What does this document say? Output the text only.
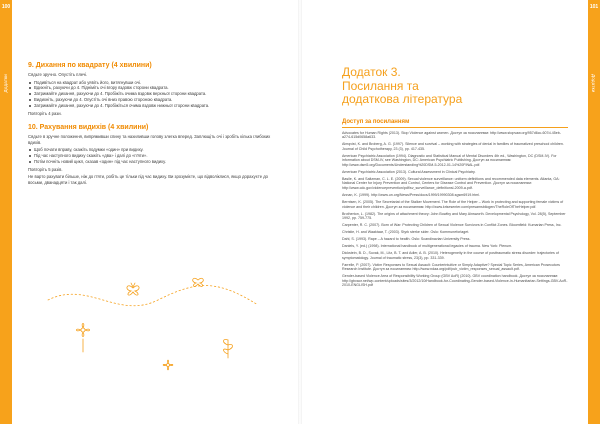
100
Додатки
101
Додатки
9. Дихання по квадрату (4 хвилини)

Сядьте зручно. Опустіть плечі.

Подивіться на квадрат або уявіть його, витягнувши очі.
Вдихніть, рахуючи до 4. Підніміть очі вгору вздовж сторони квадрата.
Затримайте дихання, рахуючи до 4. Пробіжіть очима вздовж верхньої сторони квадрата.
Видихніть, рахуючи до 4. Опустіть очі вниз правою стороною квадрата.
Затримайте дихання, рахуючи до 4. Пробіжіться очима вздовж нижньої сторони квадрата.

Повторіть 4 рази.

10. Рахування видихів (4 хвилини)

Сядьте в зручне положення, випрямивши спину та нахиливши голову злегка вперед. Заплющіть очі і зробіть кілька глибоких вдихів.

Щоб почати вправу, скажіть подумки «один» при видиху.
Під час наступного видиху скажіть «два» і далі до «п'яти».
Потім почніть новий цикл, сказав «один» під час наступного видиху.

Повторіть 5 разів.

Не варто рахувати більше, ніж до п'яти, робіть це тільки під час видиху. Ви зрозумієте, що відволіклися, якщо дорахуєте до восьми, дванадцяти і так далі.

Додаток 3.
Посилання та
додаткова література
Доступ за посиланням

Advocates for Human Rights (2013). Stop Violence against women. Доступ за посиланням: http://www.stopvaw.org/957d6cc-607d-45eb-a274-615d0658a633.

Almqvist, K. and Broberg, A. G. (1997). Silence and survival – working with strategies of denial in families of traumatized preschool children. Journal of Child Psychotherapy, 23 (3), pp. 417-435.

American Psychiatric Association (1994). Diagnostic and Statistical Manual of Mental Disorders 4th ed., Washington, DC (DSM-IV). For information about DSM-IV, see Washington, DC: American Psychiatric Publishing. Доступ за посиланням: http://www.dsm5.org/Documents/Understanding%20DSM-5-2012-01-14%20FINAL.pdf.

American Psychiatric Association (2013). Cultural Assessment in Clinical Psychiatry.

Basile, K. and Saltzman, C. L. E. (2009). Sexual violence surveillance: uniform definitions and recommended data elements. Atlanta, GA: National Center for Injury Prevention and Control, Centers for Disease Control and Prevention. Доступ за посиланням: http://www.cdc.gov/violenceprevention/pdf/sv_surveillance_definitionsl-2009-a.pdf.

Annan, K. (1999). http://www.un.org/News/Press/docs/1999/19990308.sgsm6919.html.

Berntsen, K. (2005). The Secretariat of the Stalker Movement. The Role of the Helper – Work in protecting and supporting female victims of violence and their children. Доступ за посиланням: http://www.krisesenter.com/presamsbilogen/TheRoleOfTheHelper.pdf.

Brotherton, L. (1982). The origins of attachment theory: John Bowlby and Mary Ainsworth. Developmental Psychology, Vol. 28(5), September 1992, pp. 759-775.

Carpenter, R. C. (2007). Born of War: Protecting Children of Sexual Violence Survivors in Conflict Zones. Bloomfield: Kumarian Press, Inc.

Christie, H. and Waaktaar, T. (2003). Styrk sterke sider. Oslo: Kommuneforlaget.

Dahl, S. (1993). Rape – A hazard to health. Oslo: Scandinavian University Press.

Daniels, Y. (ed.) (1998). International handbook of multigenerational legacies of trauma. New York: Plenum.

Dickstein, B. D., Suvak, M., Litz, B. T. and Adler, A. B. (2010). Heterogeneity in the course of posttraumatic stress disorder: trajectories of symptomatology. Journal of traumatic stress, 23(3), pp. 331-339.

Farrelle, P. (2007). Victim Responses to Sexual Assault: Counterintuitive or Simply Adaptive? Special Topic Series, American Prosecutors Research Institute. Доступ за посиланням: http://www.ndaa.org/pdf/pub_victim_responses_sexual_assault.pdf.

Gender-based Violence Area of Responsibility Working Group (GBV AoR) (2010). GBV coordination handbook. Доступ за посиланням: http://gbvaor.net/wp-content/uploads/sites/3/2012/10/Handbook-for-Coordinating-Gender-based-Violence-in-Humanitarian-Settings-GBV-AoR-2010-ENGLISH.pdf
